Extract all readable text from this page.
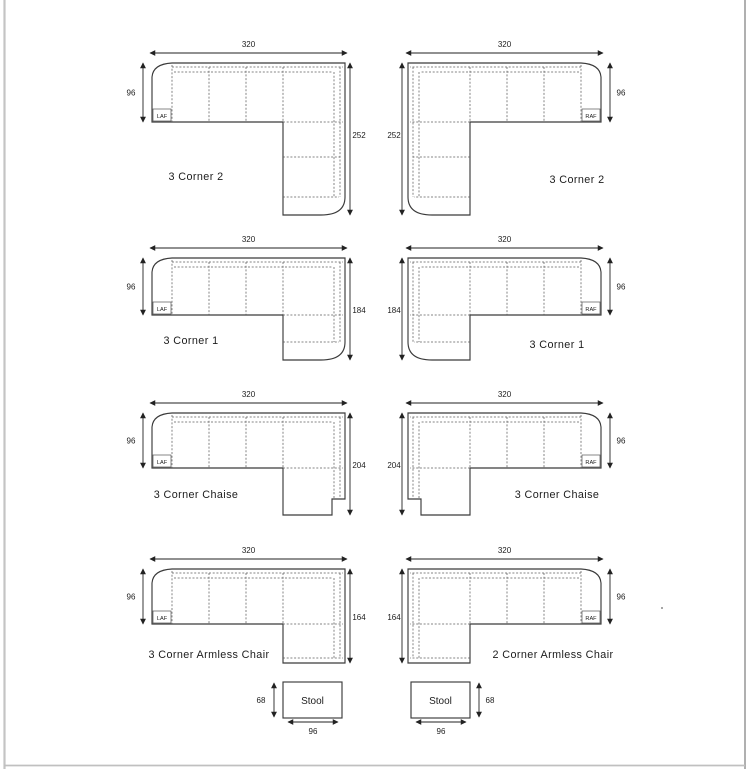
320
96
252
LAF
3 Corner 2
320
96
252
RAF
3 Corner 2
320
96
184
LAF
3 Corner 1
320
96
184	RAF
3 Corner 1
320
96
204
LAF
3 Corner Chaise
320
96
204	RAF
3 Corner Chaise
320
96
164
LAF
3 Corner Armless Chair
320
96
164	RAF
2 Corner Armless Chair
Stool
68
96
Stool	68
96
